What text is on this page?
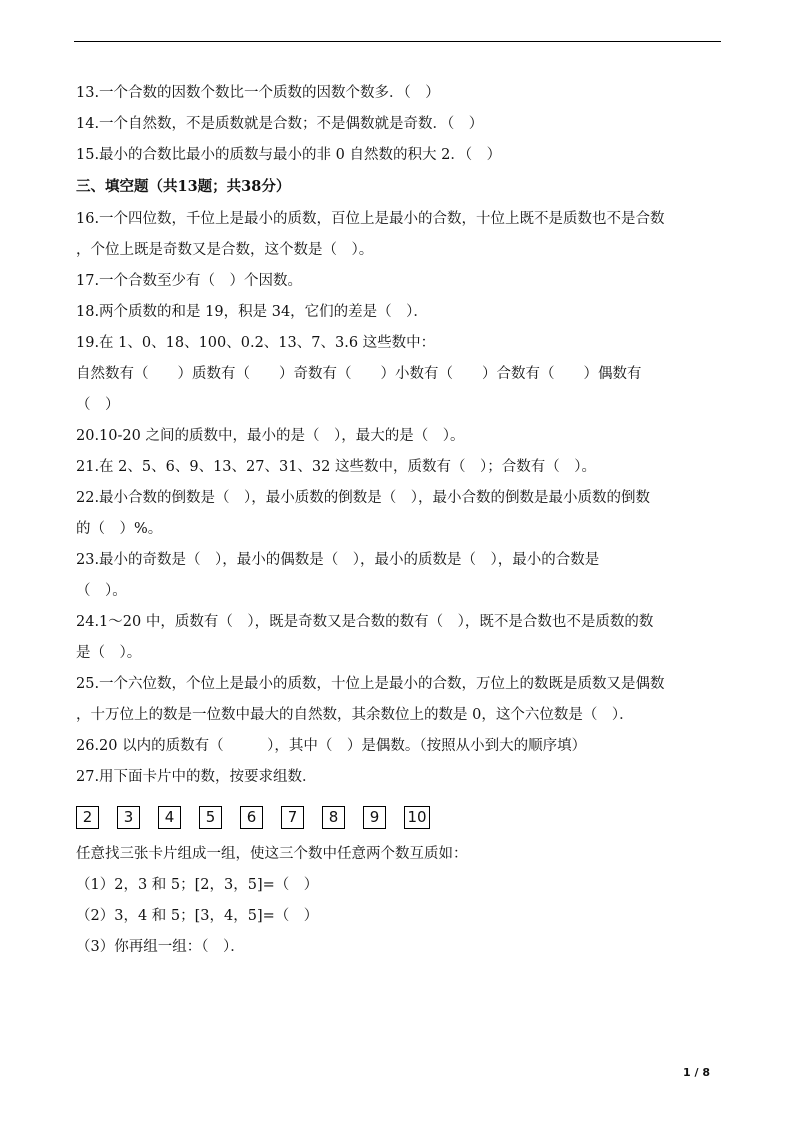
13.一个合数的因数个数比一个质数的因数个数多．（　）
14.一个自然数，不是质数就是合数；不是偶数就是奇数．（　）
15.最小的合数比最小的质数与最小的非 0 自然数的积大 2．（　）
三、填空题（共13题；共38分）
16.一个四位数，千位上是最小的质数，百位上是最小的合数，十位上既不是质数也不是合数
，个位上既是奇数又是合数，这个数是（　）。
17.一个合数至少有（　）个因数。
18.两个质数的和是 19，积是 34，它们的差是（　）．
19.在 1、0、18、100、0.2、13、7、3.6 这些数中：
自然数有（　　）质数有（　　）奇数有（　　）小数有（　　）合数有（　　）偶数有
（　）
20.10-20 之间的质数中，最小的是（　），最大的是（　）。
21.在 2、5、6、9、13、27、31、32 这些数中，质数有（　）；合数有（　）。
22.最小合数的倒数是（　），最小质数的倒数是（　），最小合数的倒数是最小质数的倒数
的（　）%。
23.最小的奇数是（　），最小的偶数是（　），最小的质数是（　），最小的合数是
（　）。
24.1～20 中，质数有（　），既是奇数又是合数的数有（　），既不是合数也不是质数的数
是（　）。
25.一个六位数，个位上是最小的质数，十位上是最小的合数，万位上的数既是质数又是偶数
，十万位上的数是一位数中最大的自然数，其余数位上的数是 0，这个六位数是（　）．
26.20 以内的质数有（　　　），其中（　）是偶数。（按照从小到大的顺序填）
27.用下面卡片中的数，按要求组数．
2	3	4	5	6	7	8	9	10
任意找三张卡片组成一组，使这三个数中任意两个数互质如：
（1）2，3 和 5；[2，3，5]=（　）
（2）3，4 和 5；[3，4，5]=（　）
（3）你再组一组：（　）．
1 / 8
